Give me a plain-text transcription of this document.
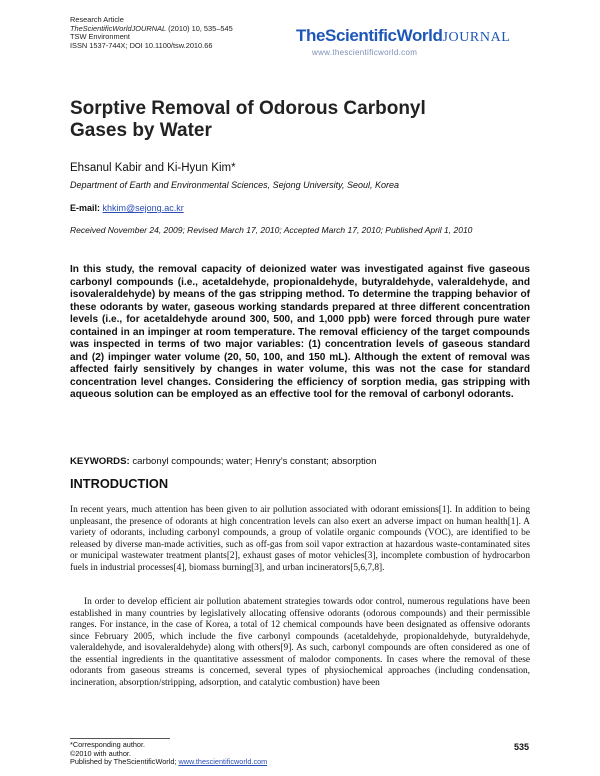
Research Article
TheScientificWorldJOURNAL (2010) 10, 535–545
TSW Environment
ISSN 1537-744X; DOI 10.1100/tsw.2010.66
TheScientificWorldJOURNAL
www.thescientificworld.com
Sorptive Removal of Odorous Carbonyl Gases by Water
Ehsanul Kabir and Ki-Hyun Kim*
Department of Earth and Environmental Sciences, Sejong University, Seoul, Korea
E-mail: khkim@sejong.ac.kr
Received November 24, 2009; Revised March 17, 2010; Accepted March 17, 2010; Published April 1, 2010
In this study, the removal capacity of deionized water was investigated against five gaseous carbonyl compounds (i.e., acetaldehyde, propionaldehyde, butyraldehyde, valeraldehyde, and isovaleraldehyde) by means of the gas stripping method. To determine the trapping behavior of these odorants by water, gaseous working standards prepared at three different concentration levels (i.e., for acetaldehyde around 300, 500, and 1,000 ppb) were forced through pure water contained in an impinger at room temperature. The removal efficiency of the target compounds was inspected in terms of two major variables: (1) concentration levels of gaseous standard and (2) impinger water volume (20, 50, 100, and 150 mL). Although the extent of removal was affected fairly sensitively by changes in water volume, this was not the case for standard concentration level changes. Considering the efficiency of sorption media, gas stripping with aqueous solution can be employed as an effective tool for the removal of carbonyl odorants.
KEYWORDS: carbonyl compounds; water; Henry’s constant; absorption
INTRODUCTION
In recent years, much attention has been given to air pollution associated with odorant emissions[1]. In addition to being unpleasant, the presence of odorants at high concentration levels can also exert an adverse impact on human health[1]. A variety of odorants, including carbonyl compounds, a group of volatile organic compounds (VOC), are identified to be released by diverse man-made activities, such as off-gas from soil vapor extraction at hazardous waste-contaminated sites or municipal wastewater treatment plants[2], exhaust gases of motor vehicles[3], incomplete combustion of hydrocarbon fuels in industrial processes[4], biomass burning[3], and urban incinerators[5,6,7,8].
In order to develop efficient air pollution abatement strategies towards odor control, numerous regulations have been established in many countries by legislatively allocating offensive odorants (odorous compounds) and their permissible ranges. For instance, in the case of Korea, a total of 12 chemical compounds have been designated as offensive odorants since February 2005, which include the five carbonyl compounds (acetaldehyde, propionaldehyde, butyraldehyde, valeraldehyde, and isovaleraldehyde) along with others[9]. As such, carbonyl compounds are often considered as one of the essential ingredients in the quantitative assessment of malodor components. In cases where the removal of these odorants from gaseous streams is concerned, several types of physiochemical approaches (including condensation, incineration, absorption/stripping, adsorption, and catalytic combustion) have been
*Corresponding author.
©2010 with author.
Published by TheScientificWorld; www.thescientificworld.com
535
